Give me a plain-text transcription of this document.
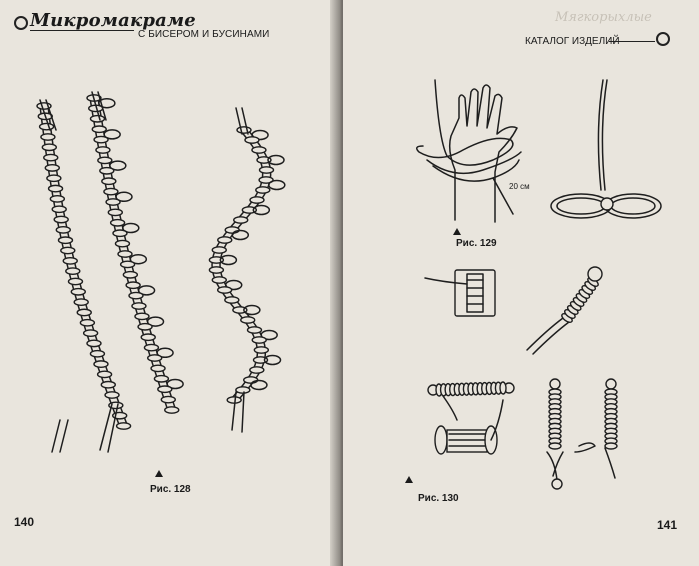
Микромакраме
С БИСЕРОМ И БУСИНАМИ
Рис. 128
140
Мягкорыхлые
КАТАЛОГ ИЗДЕЛИЙ
20 см
Рис. 129
Рис. 130
141
